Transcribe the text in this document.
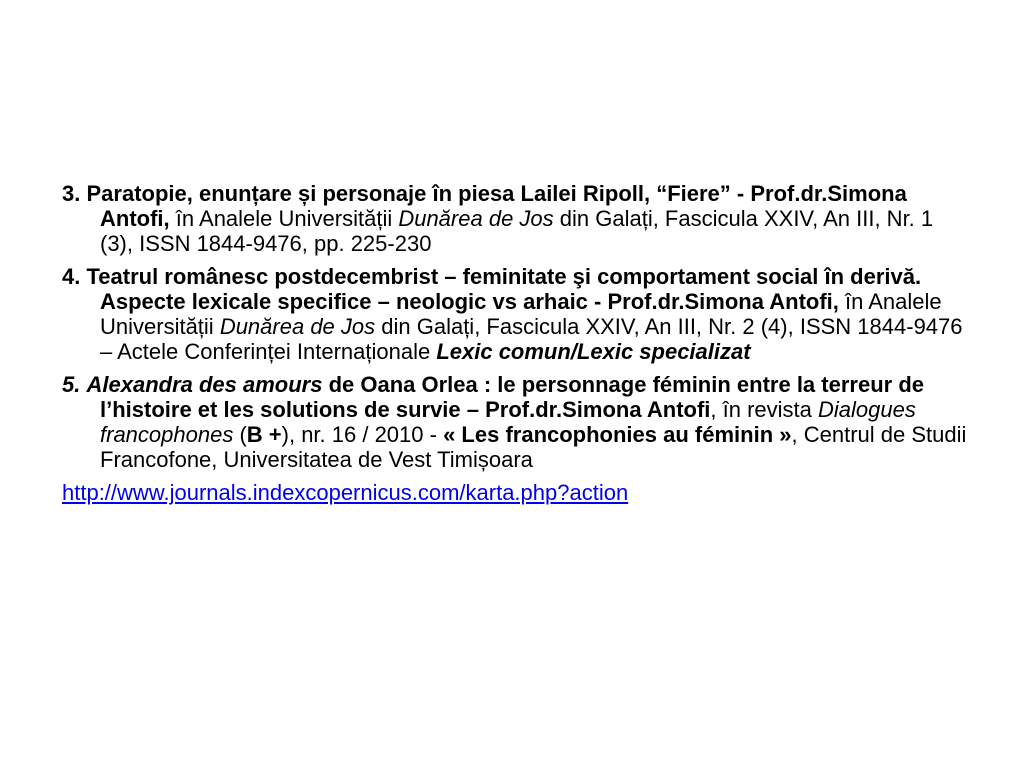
3. Paratopie, enunțare și personaje în piesa Lailei Ripoll, “Fiere” - Prof.dr.Simona Antofi, în Analele Universității Dunărea de Jos din Galați, Fascicula XXIV, An III, Nr. 1 (3), ISSN 1844-9476, pp. 225-230

4. Teatrul românesc postdecembrist – feminitate şi comportament social în derivă. Aspecte lexicale specifice – neologic vs arhaic - Prof.dr.Simona Antofi, în Analele Universității Dunărea de Jos din Galați, Fascicula XXIV, An III, Nr. 2 (4), ISSN 1844-9476 – Actele Conferinței Internaționale Lexic comun/Lexic specializat

5. Alexandra des amours de Oana Orlea : le personnage féminin entre la terreur de l’histoire et les solutions de survie – Prof.dr.Simona Antofi, în revista Dialogues francophones (B +), nr. 16 / 2010 - « Les francophonies au féminin », Centrul de Studii Francofone, Universitatea de Vest Timișoara

http://www.journals.indexcopernicus.com/karta.php?action
